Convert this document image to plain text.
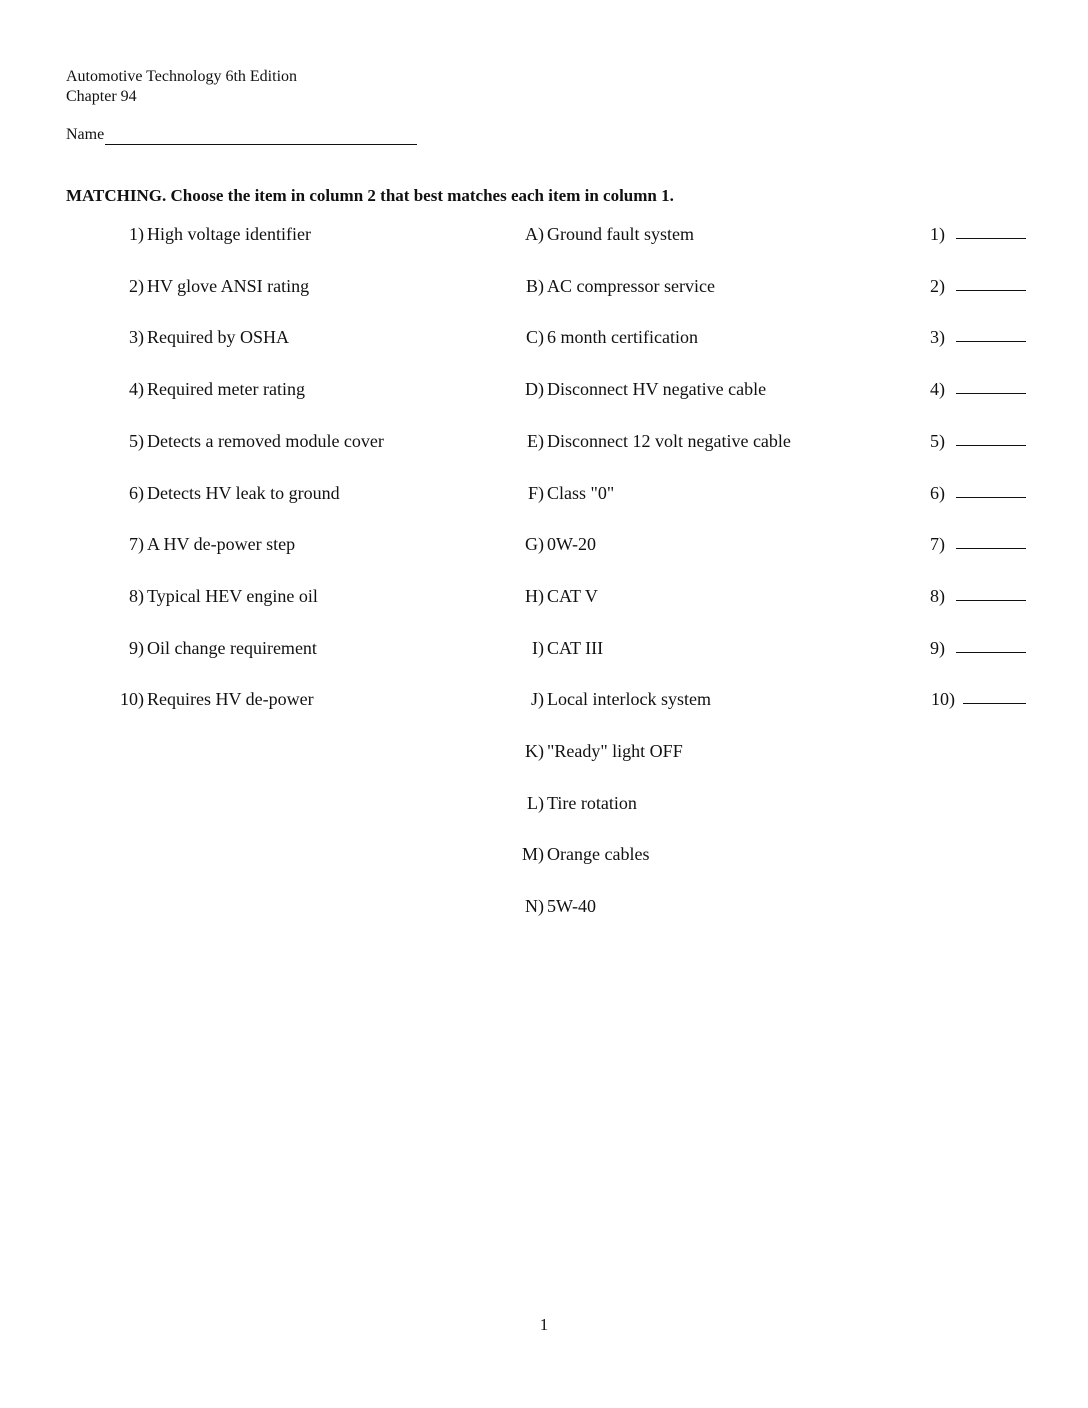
Automotive Technology 6th Edition
Chapter 94
Name
MATCHING. Choose the item in column 2 that best matches each item in column 1.
1) High voltage identifier	A) Ground fault system	1)
2) HV glove ANSI rating	B) AC compressor service	2)
3) Required by OSHA	C) 6 month certification	3)
4) Required meter rating	D) Disconnect HV negative cable	4)
5) Detects a removed module cover	E) Disconnect 12 volt negative cable	5)
6) Detects HV leak to ground	F) Class "0"	6)
7) A HV de-power step	G) 0W-20	7)
8) Typical HEV engine oil	H) CAT V	8)
9) Oil change requirement	I) CAT III	9)
10) Requires HV de-power	J) Local interlock system	10)
K) "Ready" light OFF
L) Tire rotation
M) Orange cables
N) 5W-40
1
